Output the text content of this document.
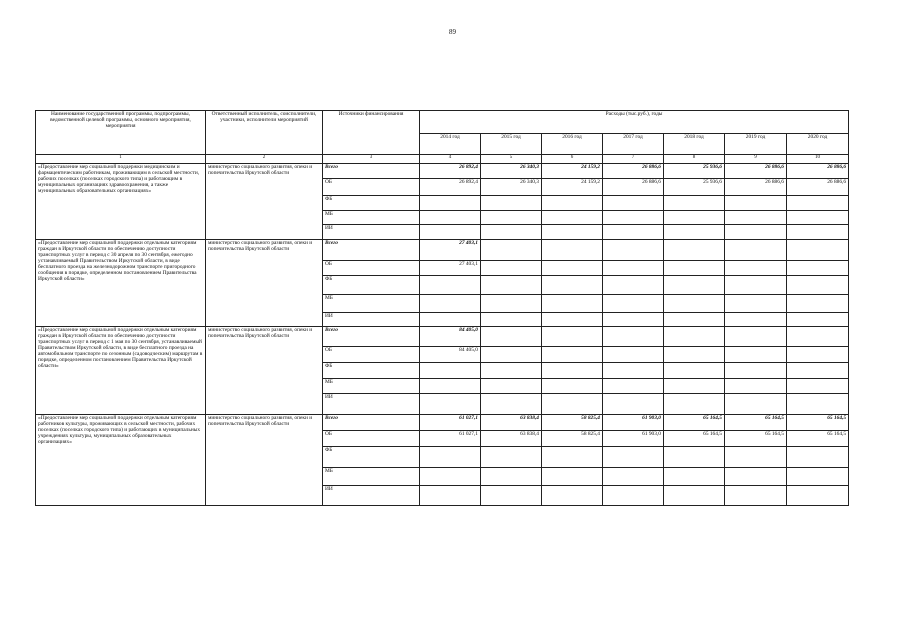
89
Наименование государственной программы, подпрограммы, ведомственной целевой программы, основного мероприятия, мероприятия	Ответственный исполнитель, соисполнители, участники, исполнители мероприятий	Источники финансирования	Расходы (тыс.руб.), годы						
			2014 год	2015 год	2016 год	2017 год	2018 год	2019 год	2020 год
1	2	3	4	5	6	7	8	9	10
«Предоставление мер социальной поддержки медицинским и фармацевтическим работникам, проживающим в сельской местности, рабочих поселках (поселках городского типа) и работающим в муниципальных организациях здравоохранения, а также муниципальных образовательных организациях»	министерство социального развития, опеки и попечительства Иркутской области	Всего	26 892,4	26 340,3	24 159,2	26 886,6	25 936,6	26 886,6	26 886,6
		ОБ	26 892,4	26 340,3	24 159,2	26 886,6	25 936,6	26 886,6	26 886,6
		ФБ							
		МБ							
		ИИ							
«Предоставление мер социальной поддержки отдельным категориям граждан в Иркутской области по обеспечению доступности транспортных услуг в период с 30 апреля по 30 сентября, ежегодно устанавливаемый Правительством Иркутской области, в виде бесплатного проезда на железнодорожном транспорте пригородного сообщения в порядке, определенном постановлением Правительства Иркутской области»	министерство социального развития, опеки и попечительства Иркутской области	Всего	27 403,1						
		ОБ	27 403,1						
		ФБ							
		МБ							
		ИИ							
«Предоставление мер социальной поддержки отдельным категориям граждан в Иркутской области по обеспечению доступности транспортных услуг в период с 1 мая по 30 сентября, устанавливаемый Правительством Иркутской области, в виде бесплатного проезда на автомобильном транспорте по сезонным (садоводческим) маршрутам в порядке, определенном постановлением Правительства Иркутской области»	министерство социального развития, опеки и попечительства Иркутской области	Всего	84 405,0						
		ОБ	84 405,0						
		ФБ							
		МБ							
		ИИ							
«Предоставление мер социальной поддержки отдельным категориям работников культуры, проживающих в сельской местности, рабочих поселках (поселках городского типа) и работающих в муниципальных учреждениях культуры, муниципальных образовательных организациях»	министерство социального развития, опеки и попечительства Иркутской области	Всего	61 027,1	63 838,4	58 825,4	61 903,0	65 164,5	65 164,5	65 164,5
		ОБ	61 027,1	63 838,4	58 825,4	61 903,0	65 164,5	65 164,5	65 164,5
		ФБ							
		МБ							
		ИИ							
